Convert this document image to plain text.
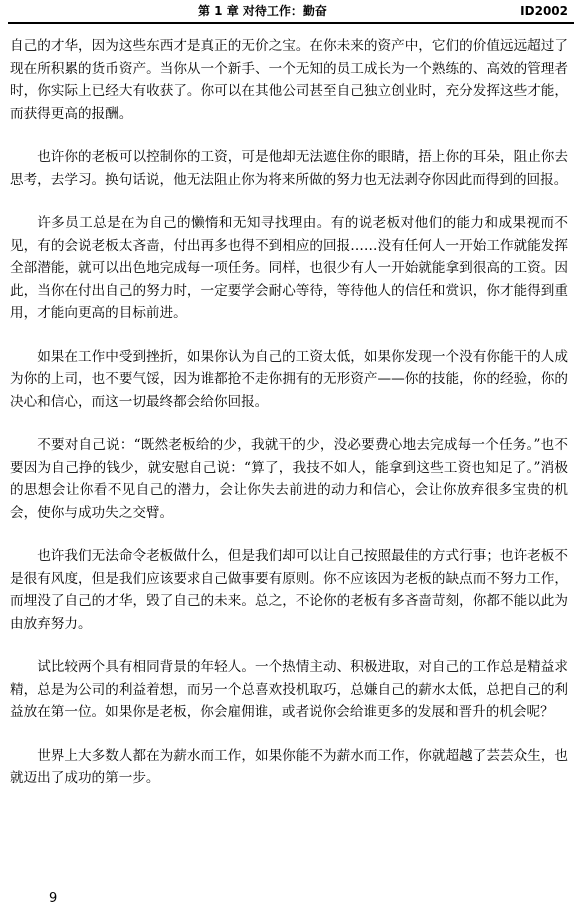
第 1 章 对待工作：勤奋	ID2002

自己的才华，因为这些东西才是真正的无价之宝。在你未来的资产中，它们的价值远远超过了现在所积累的货币资产。当你从一个新手、一个无知的员工成长为一个熟练的、高效的管理者时，你实际上已经大有收获了。你可以在其他公司甚至自己独立创业时，充分发挥这些才能，而获得更高的报酬。

也许你的老板可以控制你的工资，可是他却无法遮住你的眼睛，捂上你的耳朵，阻止你去思考，去学习。换句话说，他无法阻止你为将来所做的努力也无法剥夺你因此而得到的回报。

许多员工总是在为自己的懒惰和无知寻找理由。有的说老板对他们的能力和成果视而不见，有的会说老板太吝啬，付出再多也得不到相应的回报……没有任何人一开始工作就能发挥全部潜能，就可以出色地完成每一项任务。同样，也很少有人一开始就能拿到很高的工资。因此，当你在付出自己的努力时，一定要学会耐心等待，等待他人的信任和赏识，你才能得到重用，才能向更高的目标前进。

如果在工作中受到挫折，如果你认为自己的工资太低，如果你发现一个没有你能干的人成为你的上司，也不要气馁，因为谁都抢不走你拥有的无形资产——你的技能，你的经验，你的决心和信心，而这一切最终都会给你回报。

不要对自己说：“既然老板给的少，我就干的少，没必要费心地去完成每一个任务。”也不要因为自己挣的钱少，就安慰自己说：“算了，我技不如人，能拿到这些工资也知足了。”消极的思想会让你看不见自己的潜力，会让你失去前进的动力和信心，会让你放弃很多宝贵的机会，使你与成功失之交臂。

也许我们无法命令老板做什么，但是我们却可以让自己按照最佳的方式行事；也许老板不是很有风度，但是我们应该要求自己做事要有原则。你不应该因为老板的缺点而不努力工作，而埋没了自己的才华，毁了自己的未来。总之，不论你的老板有多吝啬苛刻，你都不能以此为由放弃努力。

试比较两个具有相同背景的年轻人。一个热情主动、积极进取，对自己的工作总是精益求精，总是为公司的利益着想，而另一个总喜欢投机取巧，总嫌自己的薪水太低，总把自己的利益放在第一位。如果你是老板，你会雇佣谁，或者说你会给谁更多的发展和晋升的机会呢？

世界上大多数人都在为薪水而工作，如果你能不为薪水而工作，你就超越了芸芸众生，也就迈出了成功的第一步。

9
